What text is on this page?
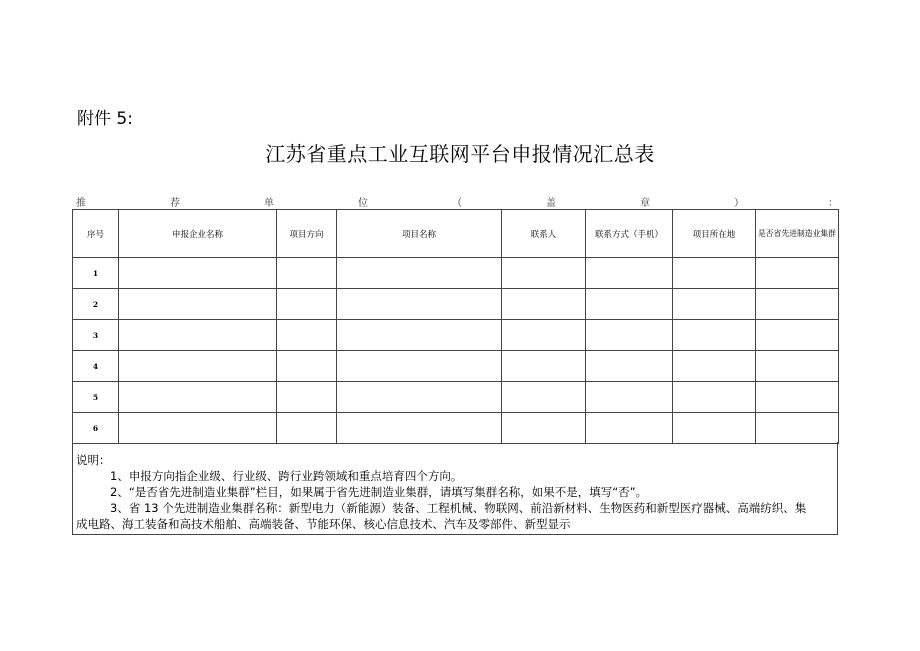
附件 5:
江苏省重点工业互联网平台申报情况汇总表
推	荐	单	位	（	盖	章	）	：
序号	申报企业名称	项目方向	项目名称	联系人	联系方式（手机）	项目所在地	是否省先进制造业集群
1							
2							
3							
4							
5							
6							

说明：

1、申报方向指企业级、行业级、跨行业跨领域和重点培育四个方向。

2、“是否省先进制造业集群”栏目，如果属于省先进制造业集群，请填写集群名称，如果不是，填写“否”。

3、省 13 个先进制造业集群名称：新型电力（新能源）装备、工程机械、物联网、前沿新材料、生物医药和新型医疗器械、高端纺织、集

成电路、海工装备和高技术船舶、高端装备、节能环保、核心信息技术、汽车及零部件、新型显示
